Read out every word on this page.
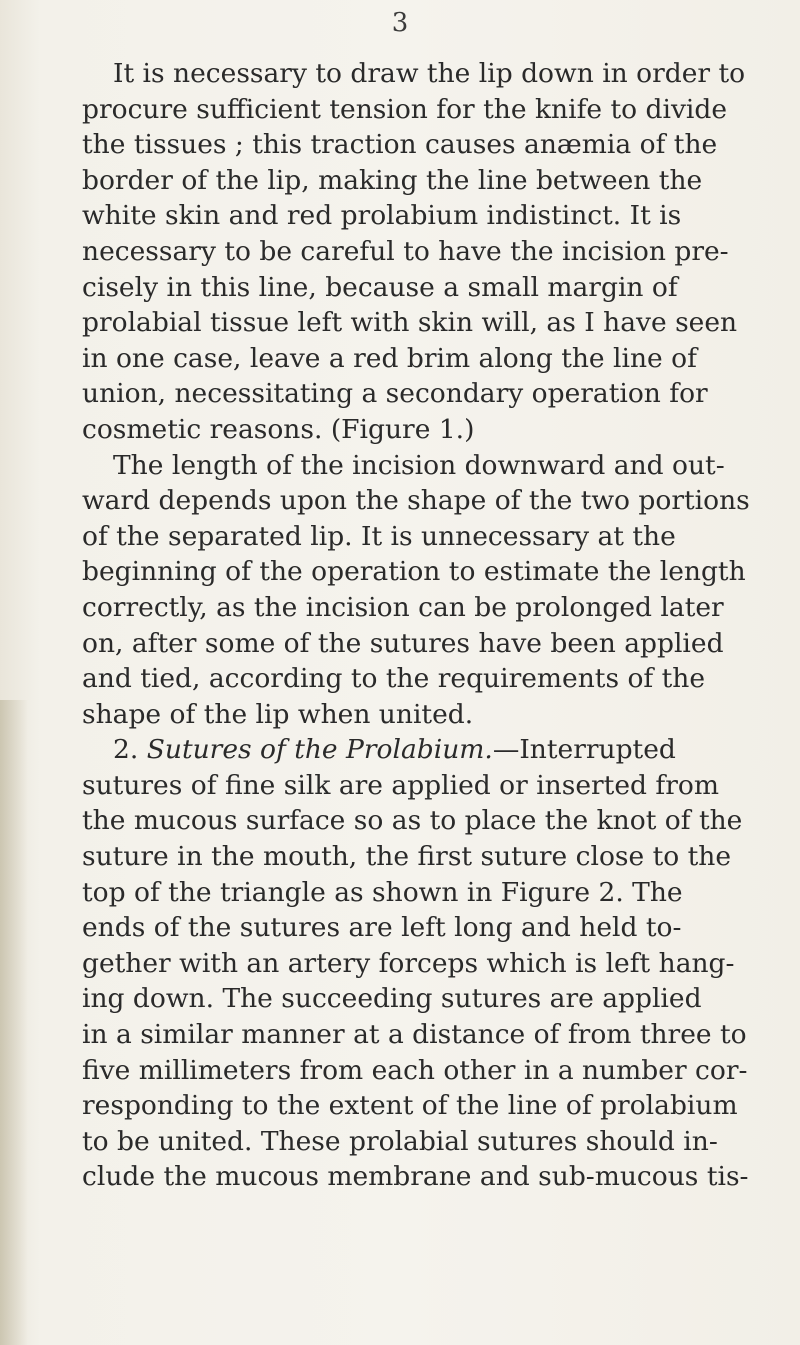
3
It is necessary to draw the lip down in order to
procure sufficient tension for the knife to divide
the tissues ; this traction causes anæmia of the
border of the lip, making the line between the
white skin and red prolabium indistinct. It is
necessary to be careful to have the incision pre-
cisely in this line, because a small margin of
prolabial tissue left with skin will, as I have seen
in one case, leave a red brim along the line of
union, necessitating a secondary operation for
cosmetic reasons. (Figure 1.)
The length of the incision downward and out-
ward depends upon the shape of the two portions
of the separated lip. It is unnecessary at the
beginning of the operation to estimate the length
correctly, as the incision can be prolonged later
on, after some of the sutures have been applied
and tied, according to the requirements of the
shape of the lip when united.
2. Sutures of the Prolabium.—Interrupted
sutures of fine silk are applied or inserted from
the mucous surface so as to place the knot of the
suture in the mouth, the first suture close to the
top of the triangle as shown in Figure 2. The
ends of the sutures are left long and held to-
gether with an artery forceps which is left hang-
ing down. The succeeding sutures are applied
in a similar manner at a distance of from three to
five millimeters from each other in a number cor-
responding to the extent of the line of prolabium
to be united. These prolabial sutures should in-
clude the mucous membrane and sub-mucous tis-
